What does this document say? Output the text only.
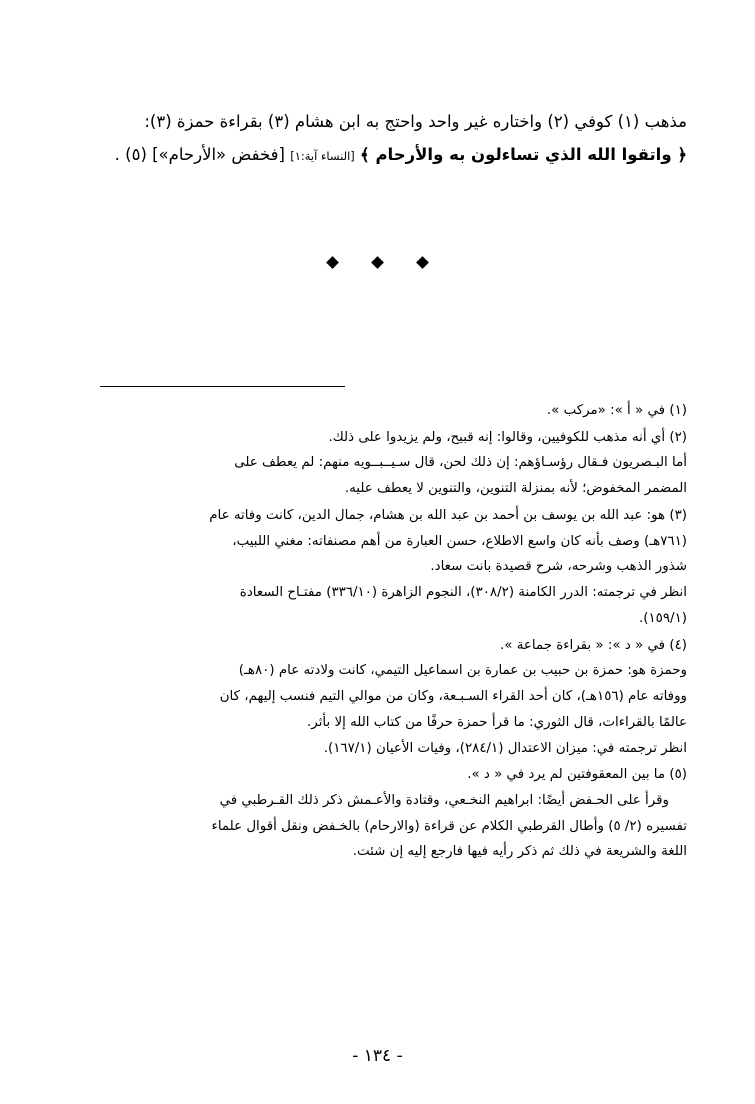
مذهب (١) كوفي (٢) واختاره غير واحد واحتج به ابن هشام (٣) بقراءة حمزة (٣):
﴿ واتقوا الله الذي تساءلون به والأرحام ﴾ [النساء آية:١] [فخفض «الأرحام»] (٥) .

(١) في « أ »: «مركب ».

(٢) أي أنه مذهب للكوفيين، وقالوا: إنه قبيح، ولم يزيدوا على ذلك.

أما البـصريون فـقال رؤسـاؤهم: إن ذلك لحن، قال سـيــبــويه منهم: لم يعطف على

المضمر المخفوض؛ لأنه بمنزلة التنوين، والتنوين لا يعطف عليه.

(٣) هو: عبد الله بن يوسف بن أحمد بن عبد الله بن هشام، جمال الدين، كانت وفاته عام

(٧٦١هـ) وصف بأنه كان واسع الاطلاع، حسن العبارة من أهم مصنفاته: مغني اللبيب،

شذور الذهب وشرحه، شرح قصيدة بانت سعاد.

انظر في ترجمته: الدرر الكامنة (٣٠٨/٢)، النجوم الزاهرة (٣٣٦/١٠) مفتـاح السعادة

(١٥٩/١).

(٤) في « د »: « بقراءة جماعة ».

وحمزة هو: حمزة بن حبيب بن عمارة بن اسماعيل التيمي، كانت ولادته عام (٨٠هـ)

ووفاته عام (١٥٦هـ)، كان أحد القراء السـبـعة، وكان من موالي التيم فنسب إليهم، كان

عالمًا بالقراءات، قال الثوري: ما قرأ حمزة حرفًا من كتاب الله إلا بأثر.

انظر ترجمته في: ميزان الاعتدال (٢٨٤/١)، وفيات الأعيان (١٦٧/١).

(٥) ما بين المعقوفتين لم يرد في « د ».

وقرأ على الحـفض أيضًا: ابراهيم النخـعي، وقتادة والأعـمش ذكر ذلك القـرطبي في

تفسيره (٢/ ٥) وأطال القرطبي الكلام عن قراءة (والارحام) بالخـفض ونقل أقوال علماء

اللغة والشريعة في ذلك ثم ذكر رأيه فيها فارجع إليه إن شئت.

- ١٣٤ -
